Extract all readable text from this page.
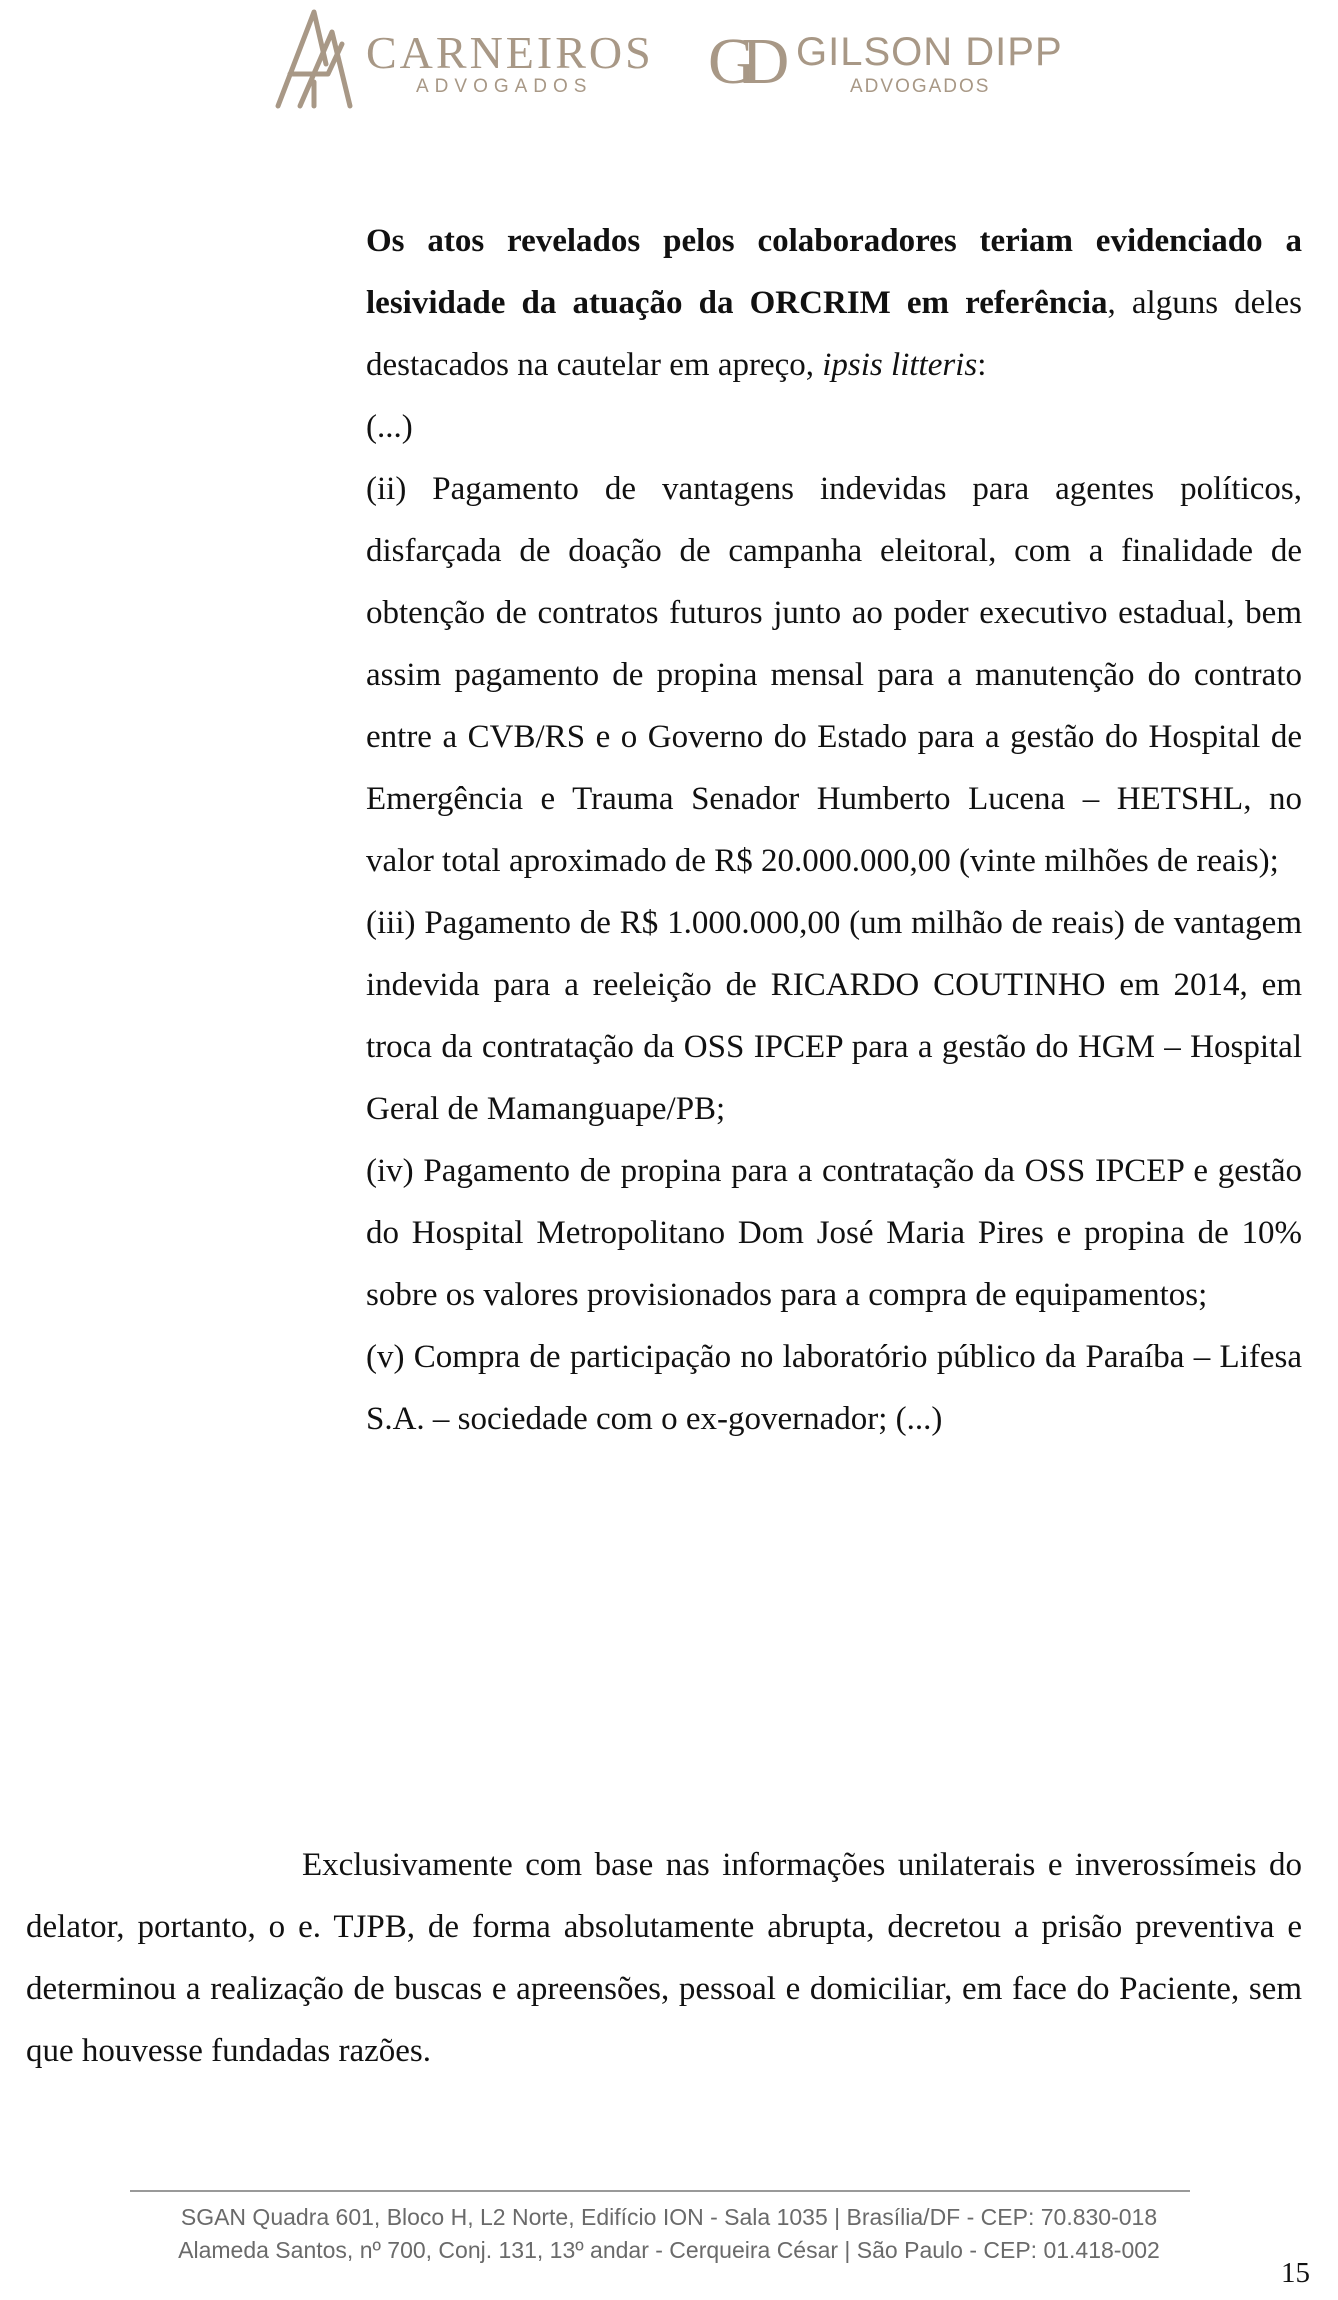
CARNEIROS
ADVOGADOS GD GILSON DIPP
ADVOGADOS

Os atos revelados pelos colaboradores teriam evidenciado a lesividade da atuação da ORCRIM em referência, alguns deles destacados na cautelar em apreço, ipsis litteris:

(...)

(ii) Pagamento de vantagens indevidas para agentes políticos, disfarçada de doação de campanha eleitoral, com a finalidade de obtenção de contratos futuros junto ao poder executivo estadual, bem assim pagamento de propina mensal para a manutenção do contrato entre a CVB/RS e o Governo do Estado para a gestão do Hospital de Emergência e Trauma Senador Humberto Lucena – HETSHL, no valor total aproximado de R$ 20.000.000,00 (vinte milhões de reais);

(iii) Pagamento de R$ 1.000.000,00 (um milhão de reais) de vantagem indevida para a reeleição de RICARDO COUTINHO em 2014, em troca da contratação da OSS IPCEP para a gestão do HGM – Hospital Geral de Mamanguape/PB;

(iv) Pagamento de propina para a contratação da OSS IPCEP e gestão do Hospital Metropolitano Dom José Maria Pires e propina de 10% sobre os valores provisionados para a compra de equipamentos;

(v) Compra de participação no laboratório público da Paraíba – Lifesa S.A. – sociedade com o ex-governador; (...)

Exclusivamente com base nas informações unilaterais e inverossímeis do delator, portanto, o e. TJPB, de forma absolutamente abrupta, decretou a prisão preventiva e determinou a realização de buscas e apreensões, pessoal e domiciliar, em face do Paciente, sem que houvesse fundadas razões.

SGAN Quadra 601, Bloco H, L2 Norte, Edifício ION - Sala 1035 | Brasília/DF - CEP: 70.830-018
Alameda Santos, nº 700, Conj. 131, 13º andar - Cerqueira César | São Paulo - CEP: 01.418-002
15
